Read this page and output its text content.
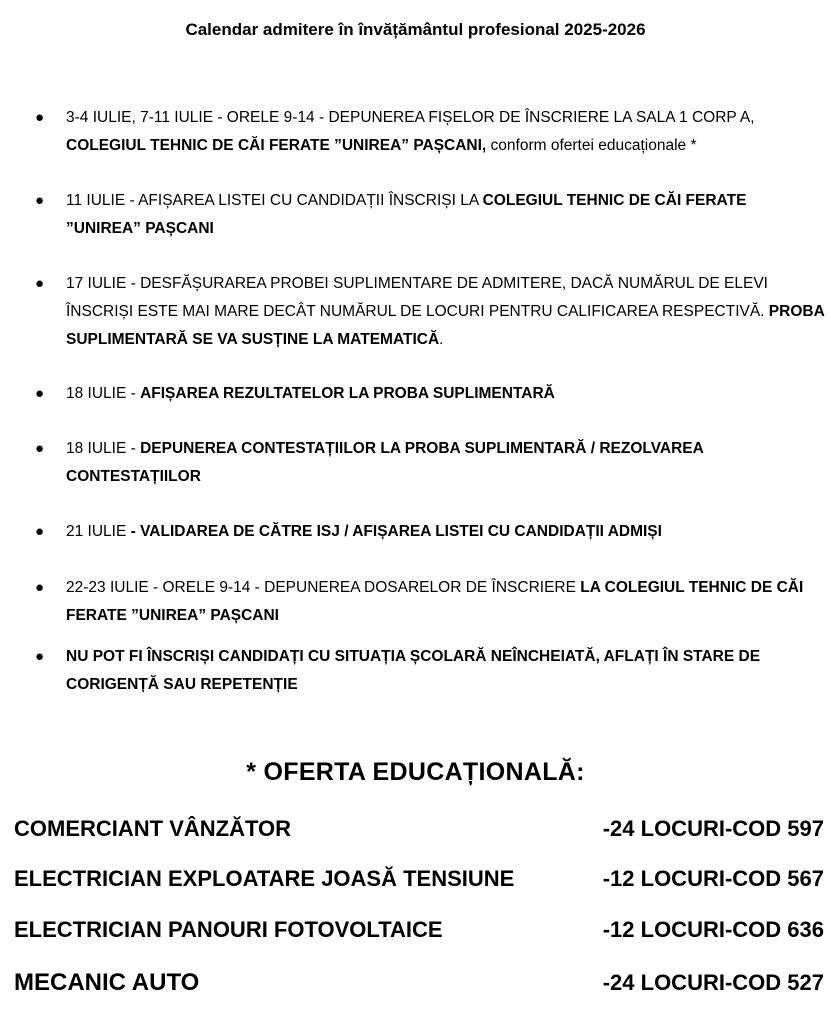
Calendar admitere în învățământul profesional 2025-2026
● 3-4 IULIE, 7-11 IULIE - ORELE 9-14 - DEPUNEREA FIȘELOR DE ÎNSCRIERE LA SALA 1 CORP A, COLEGIUL TEHNIC DE CĂI FERATE ”UNIREA” PAȘCANI, conform ofertei educaționale *
● 11 IULIE - AFIȘAREA LISTEI CU CANDIDAȚII ÎNSCRIȘI LA COLEGIUL TEHNIC DE CĂI FERATE ”UNIREA” PAȘCANI
● 17 IULIE - DESFĂȘURAREA PROBEI SUPLIMENTARE DE ADMITERE, DACĂ NUMĂRUL DE ELEVI ÎNSCRIȘI ESTE MAI MARE DECÂT NUMĂRUL DE LOCURI PENTRU CALIFICAREA RESPECTIVĂ. PROBA SUPLIMENTARĂ SE VA SUSȚINE LA MATEMATICĂ.
● 18 IULIE - AFIȘAREA REZULTATELOR LA PROBA SUPLIMENTARĂ
● 18 IULIE - DEPUNEREA CONTESTAȚIILOR LA PROBA SUPLIMENTARĂ / REZOLVAREA CONTESTAȚIILOR
● 21 IULIE - VALIDAREA DE CĂTRE ISJ / AFIȘAREA LISTEI CU CANDIDAȚII ADMIȘI
● 22-23 IULIE - ORELE 9-14 - DEPUNEREA DOSARELOR DE ÎNSCRIERE LA COLEGIUL TEHNIC DE CĂI FERATE ”UNIREA” PAȘCANI
● NU POT FI ÎNSCRIȘI CANDIDAȚI CU SITUAȚIA ȘCOLARĂ NEÎNCHEIATĂ, AFLAȚI ÎN STARE DE CORIGENȚĂ SAU REPETENȚIE
* OFERTA EDUCAȚIONALĂ:
COMERCIANT VÂNZĂTOR	-24 LOCURI-COD 597
ELECTRICIAN EXPLOATARE JOASĂ TENSIUNE	-12 LOCURI-COD 567
ELECTRICIAN PANOURI FOTOVOLTAICE	-12 LOCURI-COD 636
MECANIC AUTO	-24 LOCURI-COD 527
